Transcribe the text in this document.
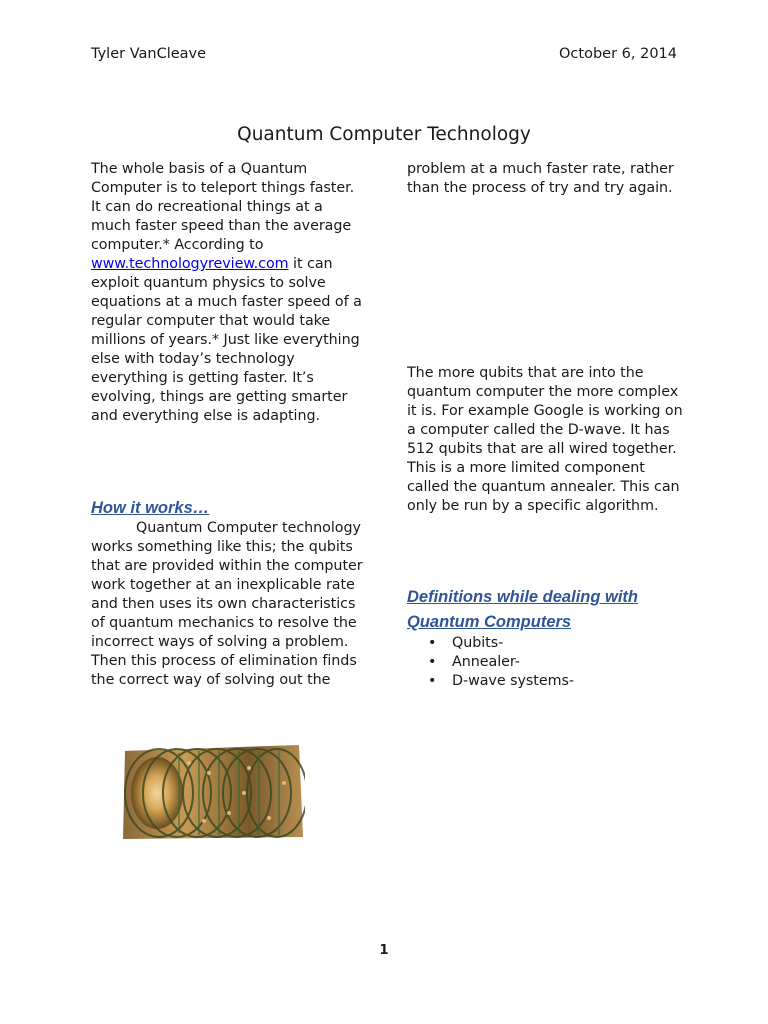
Tyler VanCleave	October 6, 2014
Quantum Computer Technology

The whole basis of a Quantum Computer is to teleport things faster. It can do recreational things at a much faster speed than the average computer.* According to www.technologyreview.com it can exploit quantum physics to solve equations at a much faster speed of a regular computer that would take millions of years.* Just like everything else with today’s technology everything is getting faster. It’s evolving, things are getting smarter and everything else is adapting.

How it works…

Quantum Computer technology works something like this; the qubits that are provided within the computer work together at an inexplicable rate and then uses its own characteristics of quantum mechanics to resolve the incorrect ways of solving a problem. Then this process of elimination finds the correct way of solving out the

problem at a much faster rate, rather than the process of try and try again.

The more qubits that are into the quantum computer the more complex it is. For example Google is working on a computer called the D-wave. It has 512 qubits that are all wired together. This is a more limited component called the quantum annealer. This can only be run by a specific algorithm.
Definitions while dealing with Quantum Computers
• Qubits-
• Annealer-
• D-wave systems-
1
